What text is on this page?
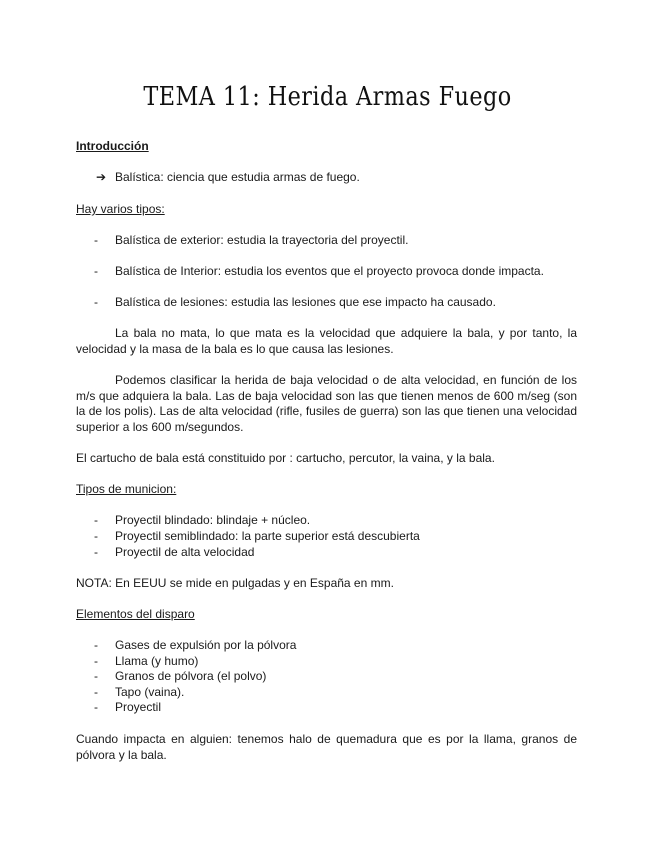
TEMA 11: Herida Armas Fuego
Introducción
➔ Balística: ciencia que estudia armas de fuego.
Hay varios tipos:
- Balística de exterior: estudia la trayectoria del proyectil.
- Balística de Interior: estudia los eventos que el proyecto provoca donde impacta.
- Balística de lesiones: estudia las lesiones que ese impacto ha causado.

La bala no mata, lo que mata es la velocidad que adquiere la bala, y por tanto, la velocidad y la masa de la bala es lo que causa las lesiones.

Podemos clasificar la herida de baja velocidad o de alta velocidad, en función de los m/s que adquiera la bala. Las de baja velocidad son las que tienen menos de 600 m/seg (son la de los polis). Las de alta velocidad (rifle, fusiles de guerra) son las que tienen una velocidad superior a los 600 m/segundos.

El cartucho de bala está constituido por : cartucho, percutor, la vaina, y la bala.

Tipos de municion:
- Proyectil blindado: blindaje + núcleo.
- Proyectil semiblindado: la parte superior está descubierta
- Proyectil de alta velocidad

NOTA: En EEUU se mide en pulgadas y en España en mm.

Elementos del disparo
- Gases de expulsión por la pólvora
- Llama (y humo)
- Granos de pólvora (el polvo)
- Tapo (vaina).
- Proyectil

Cuando impacta en alguien: tenemos halo de quemadura que es por la llama, granos de pólvora y la bala.
